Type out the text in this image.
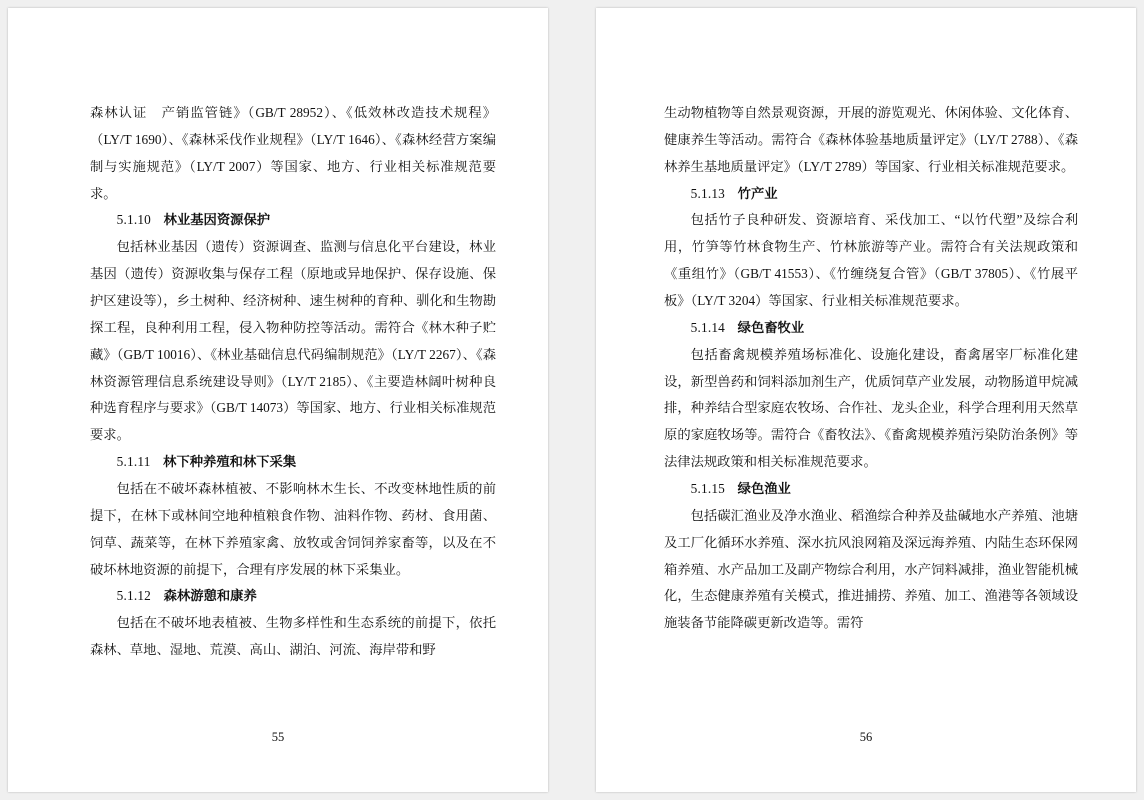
森林认证　产销监管链》（GB/T 28952）、《低效林改造技术规程》（LY/T 1690）、《森林采伐作业规程》（LY/T 1646）、《森林经营方案编制与实施规范》（LY/T 2007）等国家、地方、行业相关标准规范要求。

5.1.10 林业基因资源保护

包括林业基因（遗传）资源调查、监测与信息化平台建设，林业基因（遗传）资源收集与保存工程（原地或异地保护、保存设施、保护区建设等），乡土树种、经济树种、速生树种的育种、驯化和生物勘探工程，良种利用工程，侵入物种防控等活动。需符合《林木种子贮藏》（GB/T 10016）、《林业基础信息代码编制规范》（LY/T 2267）、《森林资源管理信息系统建设导则》（LY/T 2185）、《主要造林阔叶树种良种选育程序与要求》（GB/T 14073）等国家、地方、行业相关标准规范要求。

5.1.11 林下种养殖和林下采集

包括在不破坏森林植被、不影响林木生长、不改变林地性质的前提下，在林下或林间空地种植粮食作物、油料作物、药材、食用菌、饲草、蔬菜等，在林下养殖家禽、放牧或舍饲饲养家畜等，以及在不破坏林地资源的前提下，合理有序发展的林下采集业。

5.1.12 森林游憩和康养

包括在不破坏地表植被、生物多样性和生态系统的前提下，依托森林、草地、湿地、荒漠、高山、湖泊、河流、海岸带和野

55

生动物植物等自然景观资源，开展的游览观光、休闲体验、文化体育、健康养生等活动。需符合《森林体验基地质量评定》（LY/T 2788）、《森林养生基地质量评定》（LY/T 2789）等国家、行业相关标准规范要求。

5.1.13 竹产业

包括竹子良种研发、资源培育、采伐加工、“以竹代塑”及综合利用，竹笋等竹林食物生产、竹林旅游等产业。需符合有关法规政策和《重组竹》（GB/T 41553）、《竹缠绕复合管》（GB/T 37805）、《竹展平板》（LY/T 3204）等国家、行业相关标准规范要求。

5.1.14 绿色畜牧业

包括畜禽规模养殖场标准化、设施化建设，畜禽屠宰厂标准化建设，新型兽药和饲料添加剂生产，优质饲草产业发展，动物肠道甲烷减排，种养结合型家庭农牧场、合作社、龙头企业，科学合理利用天然草原的家庭牧场等。需符合《畜牧法》、《畜禽规模养殖污染防治条例》等法律法规政策和相关标准规范要求。

5.1.15 绿色渔业

包括碳汇渔业及净水渔业、稻渔综合种养及盐碱地水产养殖、池塘及工厂化循环水养殖、深水抗风浪网箱及深远海养殖、内陆生态环保网箱养殖、水产品加工及副产物综合利用，水产饲料减排，渔业智能机械化，生态健康养殖有关模式，推进捕捞、养殖、加工、渔港等各领域设施装备节能降碳更新改造等。需符

56
